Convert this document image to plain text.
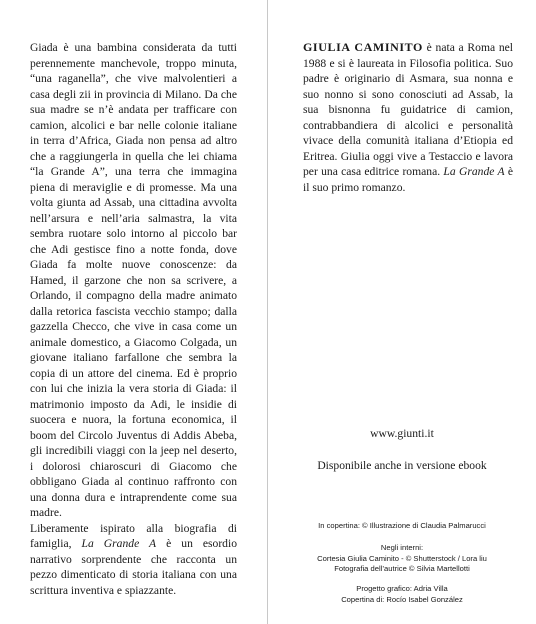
Giada è una bambina considerata da tutti perennemente manchevole, troppo minuta, “una raganella”, che vive malvolentieri a casa degli zii in provincia di Milano. Da che sua madre se n’è andata per trafficare con camion, alcolici e bar nelle colonie italiane in terra d’Africa, Giada non pensa ad altro che a raggiungerla in quella che lei chiama “la Grande A”, una terra che immagina piena di meraviglie e di promesse. Ma una volta giunta ad Assab, una cittadina avvolta nell’arsura e nell’aria salmastra, la vita sembra ruotare solo intorno al piccolo bar che Adi gestisce fino a notte fonda, dove Giada fa molte nuove conoscenze: da Hamed, il garzone che non sa scrivere, a Orlando, il compagno della madre animato dalla retorica fascista vecchio stampo; dalla gazzella Checco, che vive in casa come un animale domestico, a Giacomo Colgada, un giovane italiano farfallone che sembra la copia di un attore del cinema. Ed è proprio con lui che inizia la vera storia di Giada: il matrimonio imposto da Adi, le insidie di suocera e nuora, la fortuna economica, il boom del Circolo Juventus di Addis Abeba, gli incredibili viaggi con la jeep nel deserto, i dolorosi chiaroscuri di Giacomo che obbligano Giada al continuo raffronto con una donna dura e intraprendente come sua madre.

Liberamente ispirato alla biografia di famiglia, La Grande A è un esordio narrativo sorprendente che racconta un pezzo dimenticato di storia italiana con una scrittura inventiva e spiazzante.

GIULIA CAMINITO è nata a Roma nel 1988 e si è laureata in Filosofia politica. Suo padre è originario di Asmara, sua nonna e suo nonno si sono conosciuti ad Assab, la sua bisnonna fu guidatrice di camion, contrabbandiera di alcolici e personalità vivace della comunità italiana d’Etiopia ed Eritrea. Giulia oggi vive a Testaccio e lavora per una casa editrice romana. La Grande A è il suo primo romanzo.

www.giunti.it
Disponibile anche in versione ebook
In copertina: © Illustrazione di Claudia Palmarucci
Negli interni:
Cortesia Giulia Caminito - © Shutterstock / Lora liu
Fotografia dell’autrice © Silvia Martellotti
Progetto grafico: Adria Villa
Copertina di: Rocío Isabel González
